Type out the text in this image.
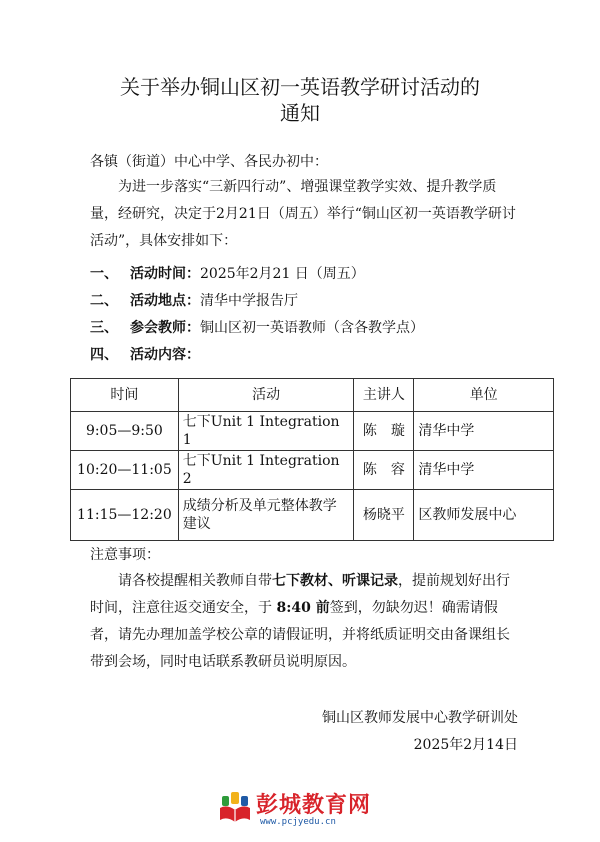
关于举办铜山区初一英语教学研讨活动的
通知
各镇（街道）中心中学、各民办初中：
为进一步落实“三新四行动”、增强课堂教学实效、提升教学质量，经研究，决定于2月21日（周五）举行“铜山区初一英语教学研讨活动”，具体安排如下：
一、 活动时间：2025年2月21 日（周五）
二、 活动地点：清华中学报告厅
三、 参会教师：铜山区初一英语教师（含各教学点）
四、 活动内容：
时间	活动	主讲人	单位
9:05—9:50	七下Unit 1 Integration 1	陈　璇	清华中学
10:20—11:05	七下Unit 1 Integration 2	陈　容	清华中学
11:15—12:20	成绩分析及单元整体教学建议	杨晓平	区教师发展中心
注意事项：
请各校提醒相关教师自带七下教材、听课记录，提前规划好出行时间，注意往返交通安全，于 8:40 前签到，勿缺勿迟！确需请假者，请先办理加盖学校公章的请假证明，并将纸质证明交由备课组长带到会场，同时电话联系教研员说明原因。
铜山区教师发展中心教学研训处
2025年2月14日
彭城教育网
www.pcjyedu.cn
